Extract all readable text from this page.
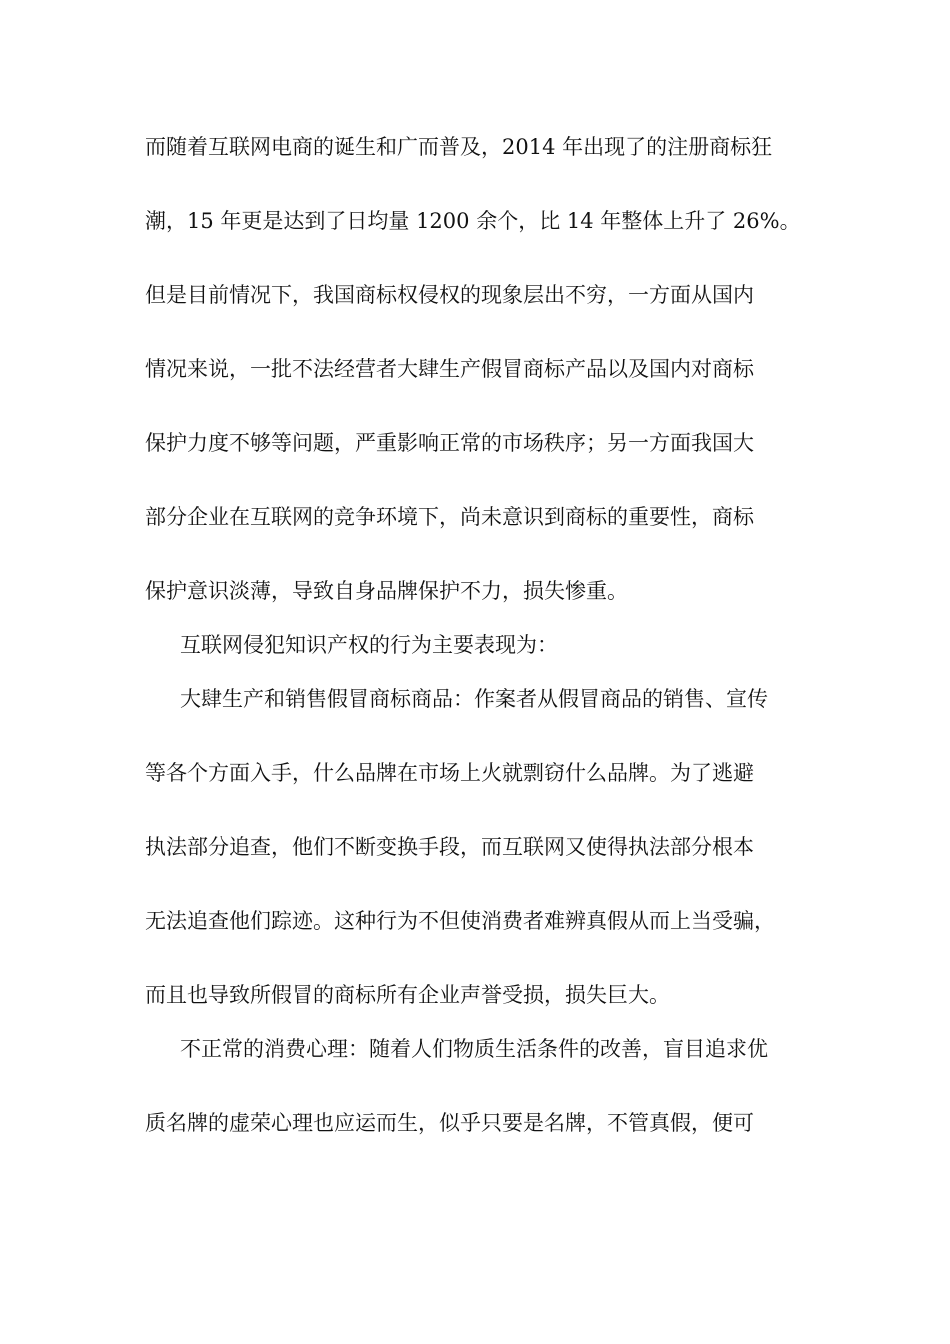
而随着互联网电商的诞生和广而普及，2014 年出现了的注册商标狂
潮，15 年更是达到了日均量 1200 余个，比 14 年整体上升了 26%。
但是目前情况下，我国商标权侵权的现象层出不穷，一方面从国内
情况来说，一批不法经营者大肆生产假冒商标产品以及国内对商标
保护力度不够等问题，严重影响正常的市场秩序；另一方面我国大
部分企业在互联网的竞争环境下，尚未意识到商标的重要性，商标
保护意识淡薄，导致自身品牌保护不力，损失惨重。
互联网侵犯知识产权的行为主要表现为：
大肆生产和销售假冒商标商品：作案者从假冒商品的销售、宣传
等各个方面入手，什么品牌在市场上火就剽窃什么品牌。为了逃避
执法部分追查，他们不断变换手段，而互联网又使得执法部分根本
无法追查他们踪迹。这种行为不但使消费者难辨真假从而上当受骗，
而且也导致所假冒的商标所有企业声誉受损，损失巨大。
不正常的消费心理：随着人们物质生活条件的改善，盲目追求优
质名牌的虚荣心理也应运而生，似乎只要是名牌，不管真假，便可
